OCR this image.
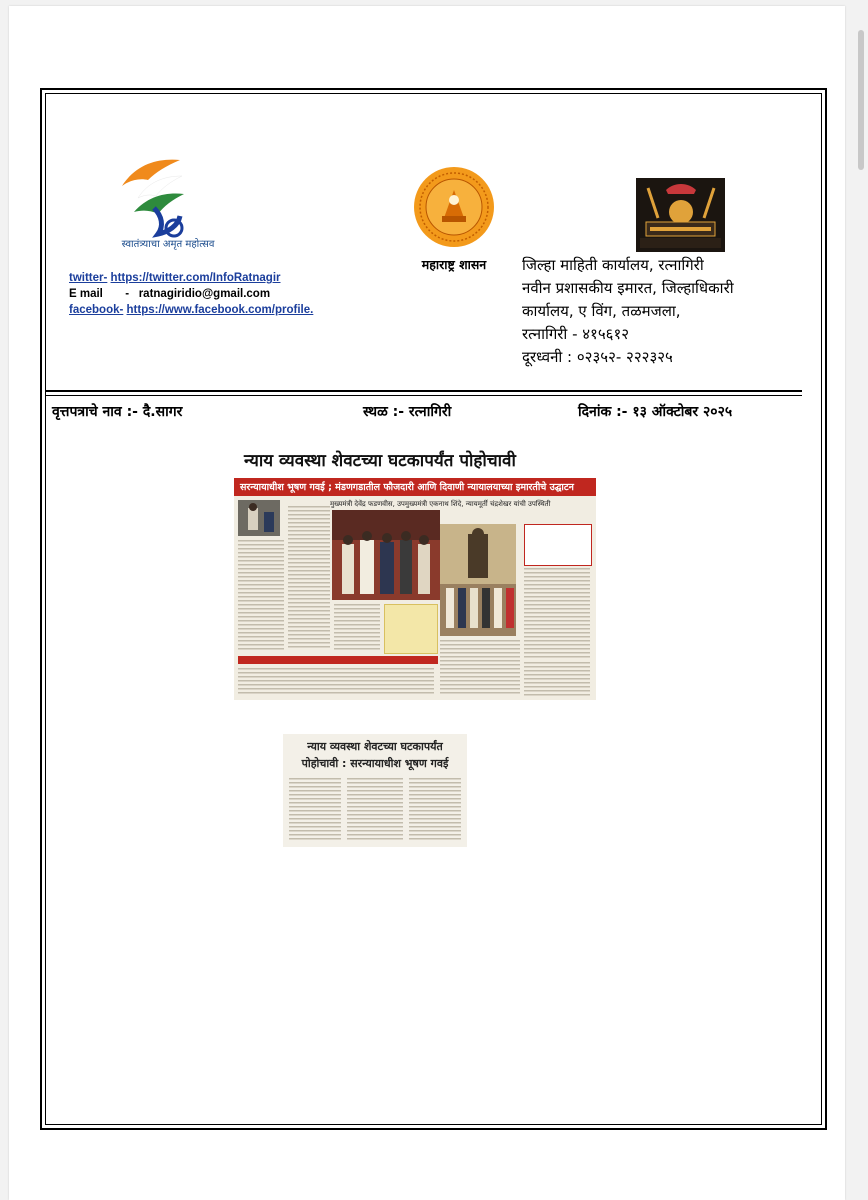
स्वातंत्र्याचा अमृत महोत्सव
twitter- https://twitter.com/InfoRatnagir
E mail - ratnagiridio@gmail.com
facebook- https://www.facebook.com/profile.
महाराष्ट्र शासन	जिल्हा माहिती कार्यालय, रत्नागिरी
नवीन प्रशासकीय इमारत, जिल्हाधिकारी
कार्यालय, ए विंग, तळमजला,
रत्नागिरी - ४१५६१२
दूरध्वनी : ०२३५२- २२२३२५
वृत्तपत्राचे नाव :- दै.सागर	स्थळ :- रत्नागिरी	दिनांक :- १३ ऑक्टोबर २०२५
न्याय व्यवस्था शेवटच्या घटकापर्यंत पोहोचावी
सरन्यायाधीश भूषण गवई ; मंडणगडातील फौजदारी आणि दिवाणी न्यायालयाच्या इमारतीचे उद्घाटन
मुख्यमंत्री देवेंद्र फडणवीस, उपमुख्यमंत्री एकनाथ शिंदे, न्यायमूर्ती चंद्रशेखर यांची उपस्थिती
न्याय व्यवस्था शेवटच्या घटकापर्यंत
पोहोचावी : सरन्यायाधीश भूषण गवई
